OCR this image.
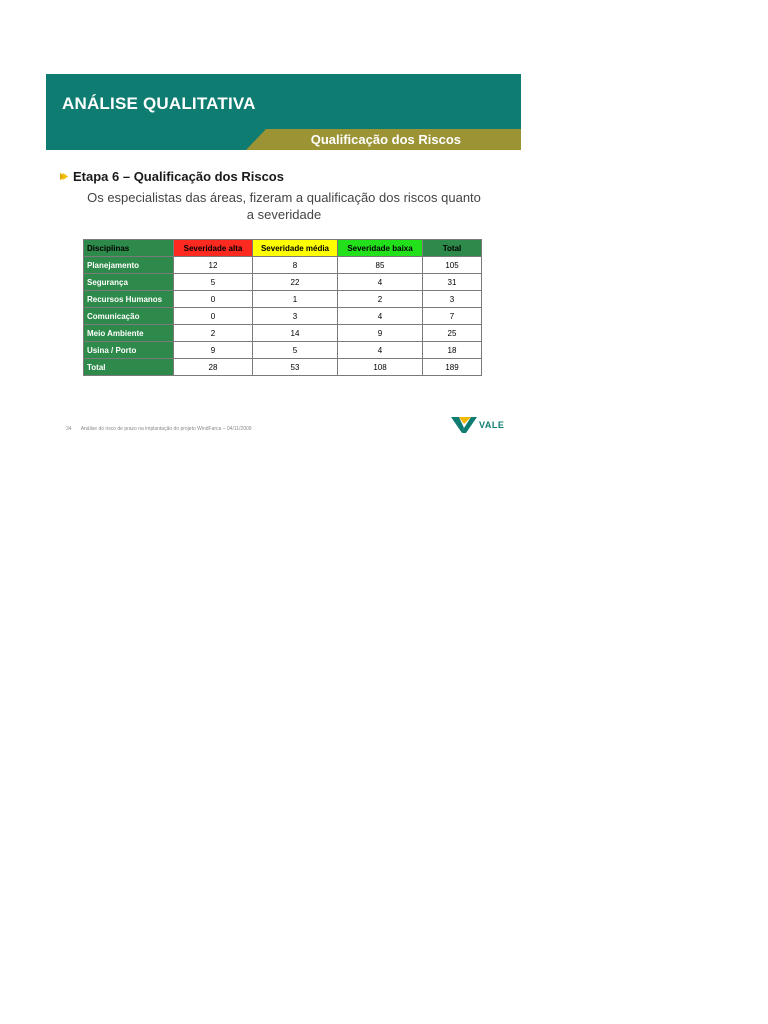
ANÁLISE QUALITATIVA
Qualificação dos Riscos
Etapa 6 – Qualificação dos Riscos
Os especialistas das áreas, fizeram a qualificação dos riscos quanto
a severidade
Disciplinas	Severidade alta	Severidade média	Severidade baixa	Total
Planejamento	12	8	85	105
Segurança	5	22	4	31
Recursos Humanos	0	1	2	3
Comunicação	0	3	4	7
Meio Ambiente	2	14	9	25
Usina / Porto	9	5	4	18
Total	28	53	108	189
34 Análise do risco de prazo na implantação do projeto WindFarca – 04/11/2009	VALE
